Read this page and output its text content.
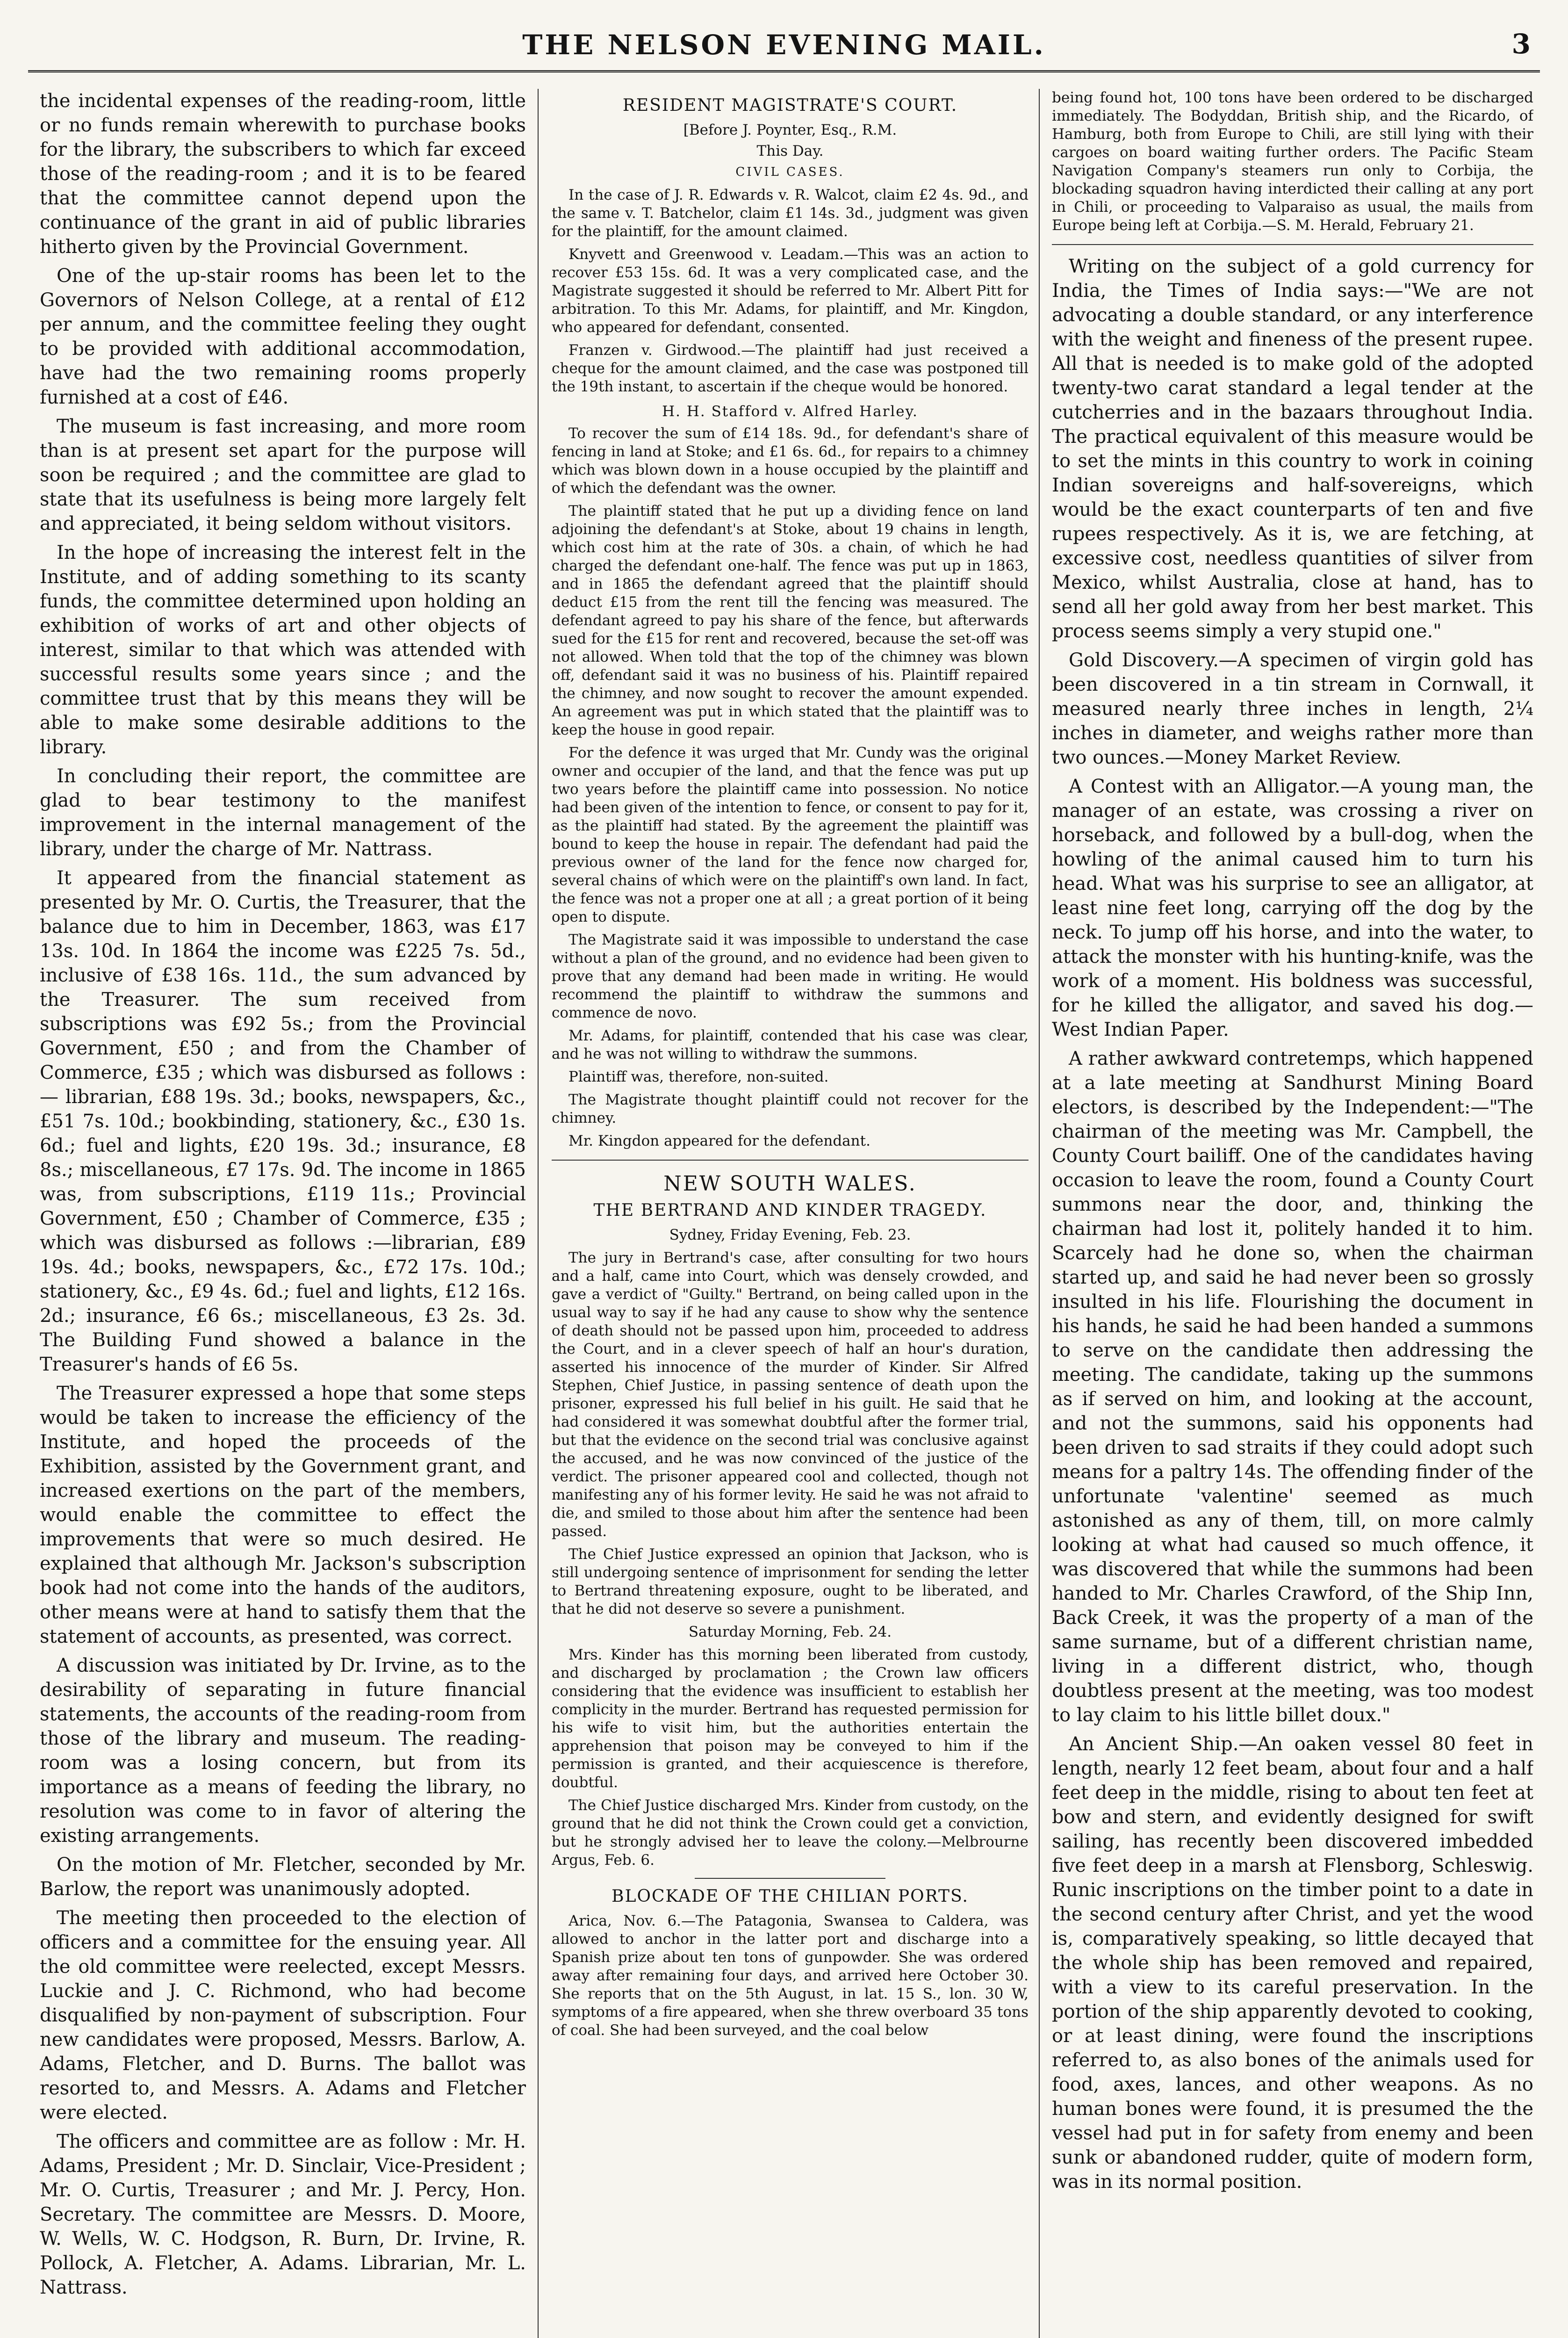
THE NELSON EVENING MAIL.	3

the incidental expenses of the reading-room, little or no funds remain wherewith to purchase books for the library, the subscribers to which far exceed those of the reading-room ; and it is to be feared that the committee cannot depend upon the continuance of the grant in aid of public libraries hitherto given by the Provincial Government.

One of the up-stair rooms has been let to the Governors of Nelson College, at a rental of £12 per annum, and the committee feeling they ought to be provided with additional accommodation, have had the two remaining rooms properly furnished at a cost of £46.

The museum is fast increasing, and more room than is at present set apart for the purpose will soon be required ; and the committee are glad to state that its usefulness is being more largely felt and appreciated, it being seldom without visitors.

In the hope of increasing the interest felt in the Institute, and of adding something to its scanty funds, the committee determined upon holding an exhibition of works of art and other objects of interest, similar to that which was attended with successful results some years since ; and the committee trust that by this means they will be able to make some desirable additions to the library.

In concluding their report, the committee are glad to bear testimony to the manifest improvement in the internal management of the library, under the charge of Mr. Nattrass.

It appeared from the financial statement as presented by Mr. O. Curtis, the Treasurer, that the balance due to him in December, 1863, was £17 13s. 10d. In 1864 the income was £225 7s. 5d., inclusive of £38 16s. 11d., the sum advanced by the Treasurer. The sum received from subscriptions was £92 5s.; from the Provincial Government, £50 ; and from the Chamber of Commerce, £35 ; which was disbursed as follows :— librarian, £88 19s. 3d.; books, newspapers, &c., £51 7s. 10d.; bookbinding, stationery, &c., £30 1s. 6d.; fuel and lights, £20 19s. 3d.; insurance, £8 8s.; miscellaneous, £7 17s. 9d. The income in 1865 was, from subscriptions, £119 11s.; Provincial Government, £50 ; Chamber of Commerce, £35 ; which was disbursed as follows :—librarian, £89 19s. 4d.; books, newspapers, &c., £72 17s. 10d.; stationery, &c., £9 4s. 6d.; fuel and lights, £12 16s. 2d.; insurance, £6 6s.; miscellaneous, £3 2s. 3d. The Building Fund showed a balance in the Treasurer's hands of £6 5s.

The Treasurer expressed a hope that some steps would be taken to increase the efficiency of the Institute, and hoped the proceeds of the Exhibition, assisted by the Government grant, and increased exertions on the part of the members, would enable the committee to effect the improvements that were so much desired. He explained that although Mr. Jackson's subscription book had not come into the hands of the auditors, other means were at hand to satisfy them that the statement of accounts, as presented, was correct.

A discussion was initiated by Dr. Irvine, as to the desirability of separating in future financial statements, the accounts of the reading-room from those of the library and museum. The reading-room was a losing concern, but from its importance as a means of feeding the library, no resolution was come to in favor of altering the existing arrangements.

On the motion of Mr. Fletcher, seconded by Mr. Barlow, the report was unanimously adopted.

The meeting then proceeded to the election of officers and a committee for the ensuing year. All the old committee were reelected, except Messrs. Luckie and J. C. Richmond, who had become disqualified by non-payment of subscription. Four new candidates were proposed, Messrs. Barlow, A. Adams, Fletcher, and D. Burns. The ballot was resorted to, and Messrs. A. Adams and Fletcher were elected.

The officers and committee are as follow : Mr. H. Adams, President ; Mr. D. Sinclair, Vice-President ; Mr. O. Curtis, Treasurer ; and Mr. J. Percy, Hon. Secretary. The committee are Messrs. D. Moore, W. Wells, W. C. Hodgson, R. Burn, Dr. Irvine, R. Pollock, A. Fletcher, A. Adams. Librarian, Mr. L. Nattrass.

RESIDENT MAGISTRATE'S COURT.

[Before J. Poynter, Esq., R.M.

This Day.

CIVIL CASES.

In the case of J. R. Edwards v. R. Walcot, claim £2 4s. 9d., and the same v. T. Batchelor, claim £1 14s. 3d., judgment was given for the plaintiff, for the amount claimed.

Knyvett and Greenwood v. Leadam.—This was an action to recover £53 15s. 6d. It was a very complicated case, and the Magistrate suggested it should be referred to Mr. Albert Pitt for arbitration. To this Mr. Adams, for plaintiff, and Mr. Kingdon, who appeared for defendant, consented.

Franzen v. Girdwood.—The plaintiff had just received a cheque for the amount claimed, and the case was postponed till the 19th instant, to ascertain if the cheque would be honored.

H. H. Stafford v. Alfred Harley.

To recover the sum of £14 18s. 9d., for defendant's share of fencing in land at Stoke; and £1 6s. 6d., for repairs to a chimney which was blown down in a house occupied by the plaintiff and of which the defendant was the owner.

The plaintiff stated that he put up a dividing fence on land adjoining the defendant's at Stoke, about 19 chains in length, which cost him at the rate of 30s. a chain, of which he had charged the defendant one-half. The fence was put up in 1863, and in 1865 the defendant agreed that the plaintiff should deduct £15 from the rent till the fencing was measured. The defendant agreed to pay his share of the fence, but afterwards sued for the £15 for rent and recovered, because the set-off was not allowed. When told that the top of the chimney was blown off, defendant said it was no business of his. Plaintiff repaired the chimney, and now sought to recover the amount expended. An agreement was put in which stated that the plaintiff was to keep the house in good repair.

For the defence it was urged that Mr. Cundy was the original owner and occupier of the land, and that the fence was put up two years before the plaintiff came into possession. No notice had been given of the intention to fence, or consent to pay for it, as the plaintiff had stated. By the agreement the plaintiff was bound to keep the house in repair. The defendant had paid the previous owner of the land for the fence now charged for, several chains of which were on the plaintiff's own land. In fact, the fence was not a proper one at all ; a great portion of it being open to dispute.

The Magistrate said it was impossible to understand the case without a plan of the ground, and no evidence had been given to prove that any demand had been made in writing. He would recommend the plaintiff to withdraw the summons and commence de novo.

Mr. Adams, for plaintiff, contended that his case was clear, and he was not willing to withdraw the summons.

Plaintiff was, therefore, non-suited.

The Magistrate thought plaintiff could not recover for the chimney.

Mr. Kingdon appeared for the defendant.

NEW SOUTH WALES.
THE BERTRAND AND KINDER TRAGEDY.

Sydney, Friday Evening, Feb. 23.

The jury in Bertrand's case, after consulting for two hours and a half, came into Court, which was densely crowded, and gave a verdict of "Guilty." Bertrand, on being called upon in the usual way to say if he had any cause to show why the sentence of death should not be passed upon him, proceeded to address the Court, and in a clever speech of half an hour's duration, asserted his innocence of the murder of Kinder. Sir Alfred Stephen, Chief Justice, in passing sentence of death upon the prisoner, expressed his full belief in his guilt. He said that he had considered it was somewhat doubtful after the former trial, but that the evidence on the second trial was conclusive against the accused, and he was now convinced of the justice of the verdict. The prisoner appeared cool and collected, though not manifesting any of his former levity. He said he was not afraid to die, and smiled to those about him after the sentence had been passed.

The Chief Justice expressed an opinion that Jackson, who is still undergoing sentence of imprisonment for sending the letter to Bertrand threatening exposure, ought to be liberated, and that he did not deserve so severe a punishment.

Saturday Morning, Feb. 24.

Mrs. Kinder has this morning been liberated from custody, and discharged by proclamation ; the Crown law officers considering that the evidence was insufficient to establish her complicity in the murder. Bertrand has requested permission for his wife to visit him, but the authorities entertain the apprehension that poison may be conveyed to him if the permission is granted, and their acquiescence is therefore, doubtful.

The Chief Justice discharged Mrs. Kinder from custody, on the ground that he did not think the Crown could get a conviction, but he strongly advised her to leave the colony.—Melbrourne Argus, Feb. 6.

BLOCKADE OF THE CHILIAN PORTS.

Arica, Nov. 6.—The Patagonia, Swansea to Caldera, was allowed to anchor in the latter port and discharge into a Spanish prize about ten tons of gunpowder. She was ordered away after remaining four days, and arrived here October 30. She reports that on the 5th August, in lat. 15 S., lon. 30 W, symptoms of a fire appeared, when she threw overboard 35 tons of coal. She had been surveyed, and the coal below

being found hot, 100 tons have been ordered to be discharged immediately. The Bodyddan, British ship, and the Ricardo, of Hamburg, both from Europe to Chili, are still lying with their cargoes on board waiting further orders. The Pacific Steam Navigation Company's steamers run only to Corbija, the blockading squadron having interdicted their calling at any port in Chili, or proceeding to Valparaiso as usual, the mails from Europe being left at Corbija.—S. M. Herald, February 21.

Writing on the subject of a gold currency for India, the Times of India says:—"We are not advocating a double standard, or any interference with the weight and fineness of the present rupee. All that is needed is to make gold of the adopted twenty-two carat standard a legal tender at the cutcherries and in the bazaars throughout India. The practical equivalent of this measure would be to set the mints in this country to work in coining Indian sovereigns and half-sovereigns, which would be the exact counterparts of ten and five rupees respectively. As it is, we are fetching, at excessive cost, needless quantities of silver from Mexico, whilst Australia, close at hand, has to send all her gold away from her best market. This process seems simply a very stupid one."

Gold Discovery.—A specimen of virgin gold has been discovered in a tin stream in Cornwall, it measured nearly three inches in length, 2¼ inches in diameter, and weighs rather more than two ounces.—Money Market Review.

A Contest with an Alligator.—A young man, the manager of an estate, was crossing a river on horseback, and followed by a bull-dog, when the howling of the animal caused him to turn his head. What was his surprise to see an alligator, at least nine feet long, carrying off the dog by the neck. To jump off his horse, and into the water, to attack the monster with his hunting-knife, was the work of a moment. His boldness was successful, for he killed the alligator, and saved his dog.—West Indian Paper.

A rather awkward contretemps, which happened at a late meeting at Sandhurst Mining Board electors, is described by the Independent:—"The chairman of the meeting was Mr. Campbell, the County Court bailiff. One of the candidates having occasion to leave the room, found a County Court summons near the door, and, thinking the chairman had lost it, politely handed it to him. Scarcely had he done so, when the chairman started up, and said he had never been so grossly insulted in his life. Flourishing the document in his hands, he said he had been handed a summons to serve on the candidate then addressing the meeting. The candidate, taking up the summons as if served on him, and looking at the account, and not the summons, said his opponents had been driven to sad straits if they could adopt such means for a paltry 14s. The offending finder of the unfortunate 'valentine' seemed as much astonished as any of them, till, on more calmly looking at what had caused so much offence, it was discovered that while the summons had been handed to Mr. Charles Crawford, of the Ship Inn, Back Creek, it was the property of a man of the same surname, but of a different christian name, living in a different district, who, though doubtless present at the meeting, was too modest to lay claim to his little billet doux."

An Ancient Ship.—An oaken vessel 80 feet in length, nearly 12 feet beam, about four and a half feet deep in the middle, rising to about ten feet at bow and stern, and evidently designed for swift sailing, has recently been discovered imbedded five feet deep in a marsh at Flensborg, Schleswig. Runic inscriptions on the timber point to a date in the second century after Christ, and yet the wood is, comparatively speaking, so little decayed that the whole ship has been removed and repaired, with a view to its careful preservation. In the portion of the ship apparently devoted to cooking, or at least dining, were found the inscriptions referred to, as also bones of the animals used for food, axes, lances, and other weapons. As no human bones were found, it is presumed the the vessel had put in for safety from enemy and been sunk or abandoned rudder, quite of modern form, was in its normal position.
